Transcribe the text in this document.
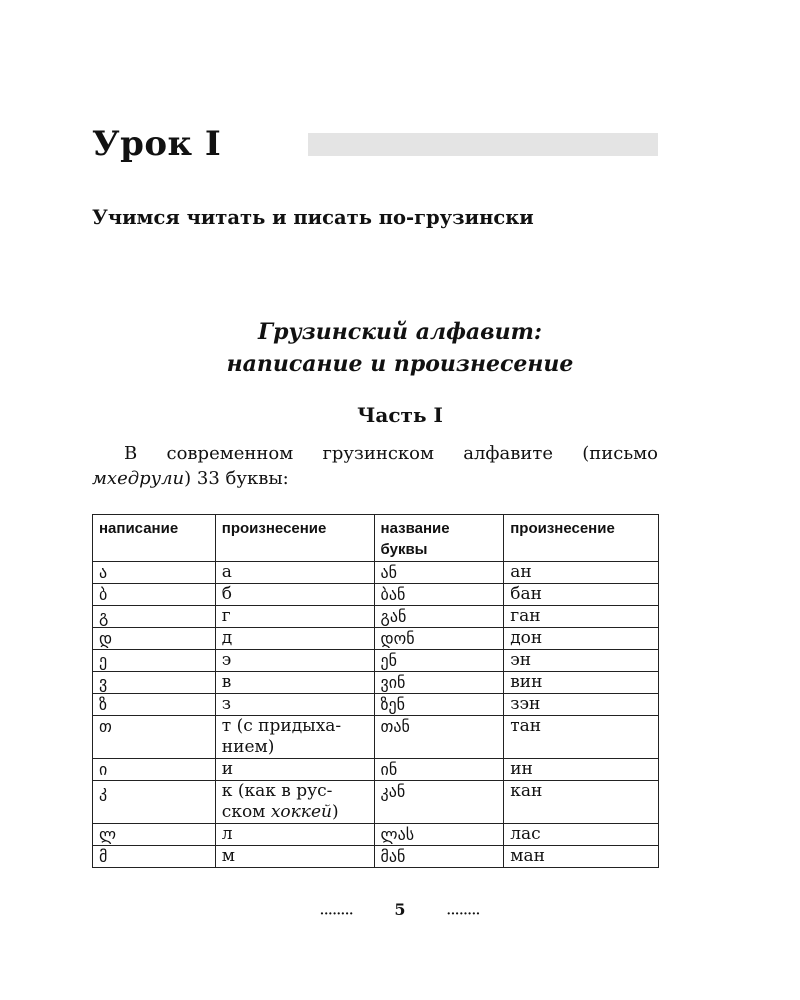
Урок I
Учимся читать и писать по-грузински
Грузинский алфавит:
написание и произнесение
Часть I

В современном грузинском алфавите (письмо мхедрули) 33 буквы:

написание	произнесение	название буквы	произнесение
ა	а	ან	ан
ბ	б	ბან	бан
გ	г	გან	ган
დ	д	დონ	дон
ე	э	ენ	эн
ვ	в	ვინ	вин
ზ	з	ზენ	зэн
თ	т (с придыха-нием)	თან	тан
ი	и	ინ	ин
კ	к (как в рус-ском хоккей)	კან	кан
ლ	л	ლას	лас
მ	м	მან	ман
........	5	........
